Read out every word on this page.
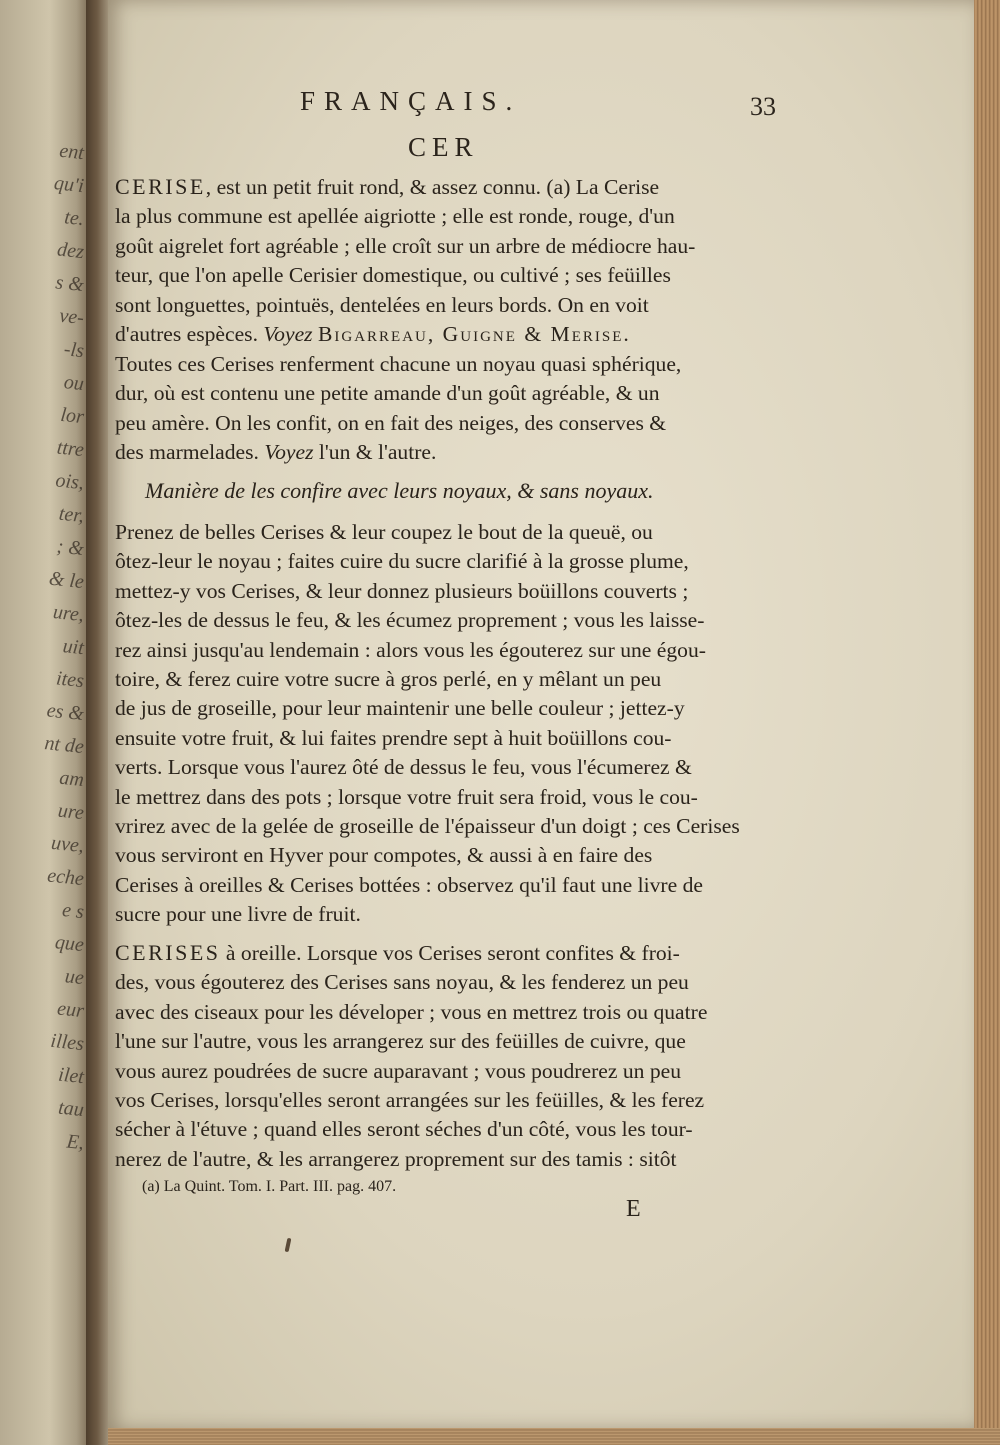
ent
qu'i
te.
dez
s &
ve-
-ls
ou
lor
ttre
ois,
ter,
; &
& le
ure,
uit
ites
es &
nt de
am
ure
uve,
eche
e s
que
ue
eur
illes
ilet
tau
E,
FRANÇAIS.	33
CER

CERISE, est un petit fruit rond, & assez connu. (a) La Cerise

la plus commune est apellée aigriotte ; elle est ronde, rouge, d'un

goût aigrelet fort agréable ; elle croît sur un arbre de médiocre hau-

teur, que l'on apelle Cerisier domestique, ou cultivé ; ses feüilles

sont longuettes, pointuës, dentelées en leurs bords. On en voit

d'autres espèces. Voyez Bigarreau, Guigne & Merise.

Toutes ces Cerises renferment chacune un noyau quasi sphérique,

dur, où est contenu une petite amande d'un goût agréable, & un

peu amère. On les confit, on en fait des neiges, des conserves &

des marmelades. Voyez l'un & l'autre.

Manière de les confire avec leurs noyaux, & sans noyaux.

Prenez de belles Cerises & leur coupez le bout de la queuë, ou

ôtez-leur le noyau ; faites cuire du sucre clarifié à la grosse plume,

mettez-y vos Cerises, & leur donnez plusieurs boüillons couverts ;

ôtez-les de dessus le feu, & les écumez proprement ; vous les laisse-

rez ainsi jusqu'au lendemain : alors vous les égouterez sur une égou-

toire, & ferez cuire votre sucre à gros perlé, en y mêlant un peu

de jus de groseille, pour leur maintenir une belle couleur ; jettez-y

ensuite votre fruit, & lui faites prendre sept à huit boüillons cou-

verts. Lorsque vous l'aurez ôté de dessus le feu, vous l'écumerez &

le mettrez dans des pots ; lorsque votre fruit sera froid, vous le cou-

vrirez avec de la gelée de groseille de l'épaisseur d'un doigt ; ces Cerises

vous serviront en Hyver pour compotes, & aussi à en faire des

Cerises à oreilles & Cerises bottées : observez qu'il faut une livre de

sucre pour une livre de fruit.

CERISES à oreille. Lorsque vos Cerises seront confites & froi-

des, vous égouterez des Cerises sans noyau, & les fenderez un peu

avec des ciseaux pour les déveloper ; vous en mettrez trois ou quatre

l'une sur l'autre, vous les arrangerez sur des feüilles de cuivre, que

vous aurez poudrées de sucre auparavant ; vous poudrerez un peu

vos Cerises, lorsqu'elles seront arrangées sur les feüilles, & les ferez

sécher à l'étuve ; quand elles seront séches d'un côté, vous les tour-

nerez de l'autre, & les arrangerez proprement sur des tamis : sitôt

(a) La Quint. Tom. I. Part. III. pag. 407.
E
